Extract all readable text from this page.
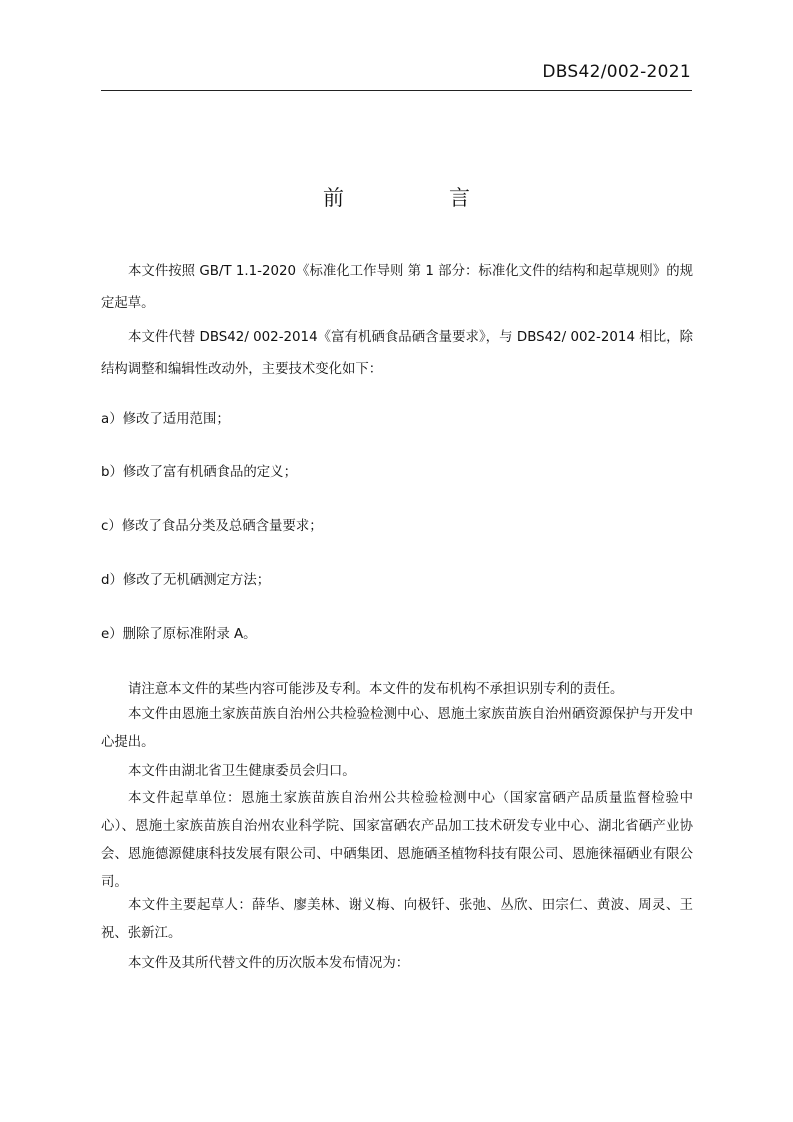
DBS42/002-2021
前　言

本文件按照 GB/T 1.1-2020《标准化工作导则 第 1 部分：标准化文件的结构和起草规则》的规定起草。

本文件代替 DBS42/ 002-2014《富有机硒食品硒含量要求》，与 DBS42/ 002-2014 相比，除结构调整和编辑性改动外，主要技术变化如下：

a）修改了适用范围；
b）修改了富有机硒食品的定义；
c）修改了食品分类及总硒含量要求；
d）修改了无机硒测定方法；
e）删除了原标准附录 A。

请注意本文件的某些内容可能涉及专利。本文件的发布机构不承担识别专利的责任。

本文件由恩施土家族苗族自治州公共检验检测中心、恩施土家族苗族自治州硒资源保护与开发中心提出。

本文件由湖北省卫生健康委员会归口。

本文件起草单位：恩施土家族苗族自治州公共检验检测中心（国家富硒产品质量监督检验中心）、恩施土家族苗族自治州农业科学院、国家富硒农产品加工技术研发专业中心、湖北省硒产业协会、恩施德源健康科技发展有限公司、中硒集团、恩施硒圣植物科技有限公司、恩施徕福硒业有限公司。

本文件主要起草人：薛华、廖美林、谢义梅、向极钎、张弛、丛欣、田宗仁、黄波、周灵、王祝、张新江。

本文件及其所代替文件的历次版本发布情况为：
